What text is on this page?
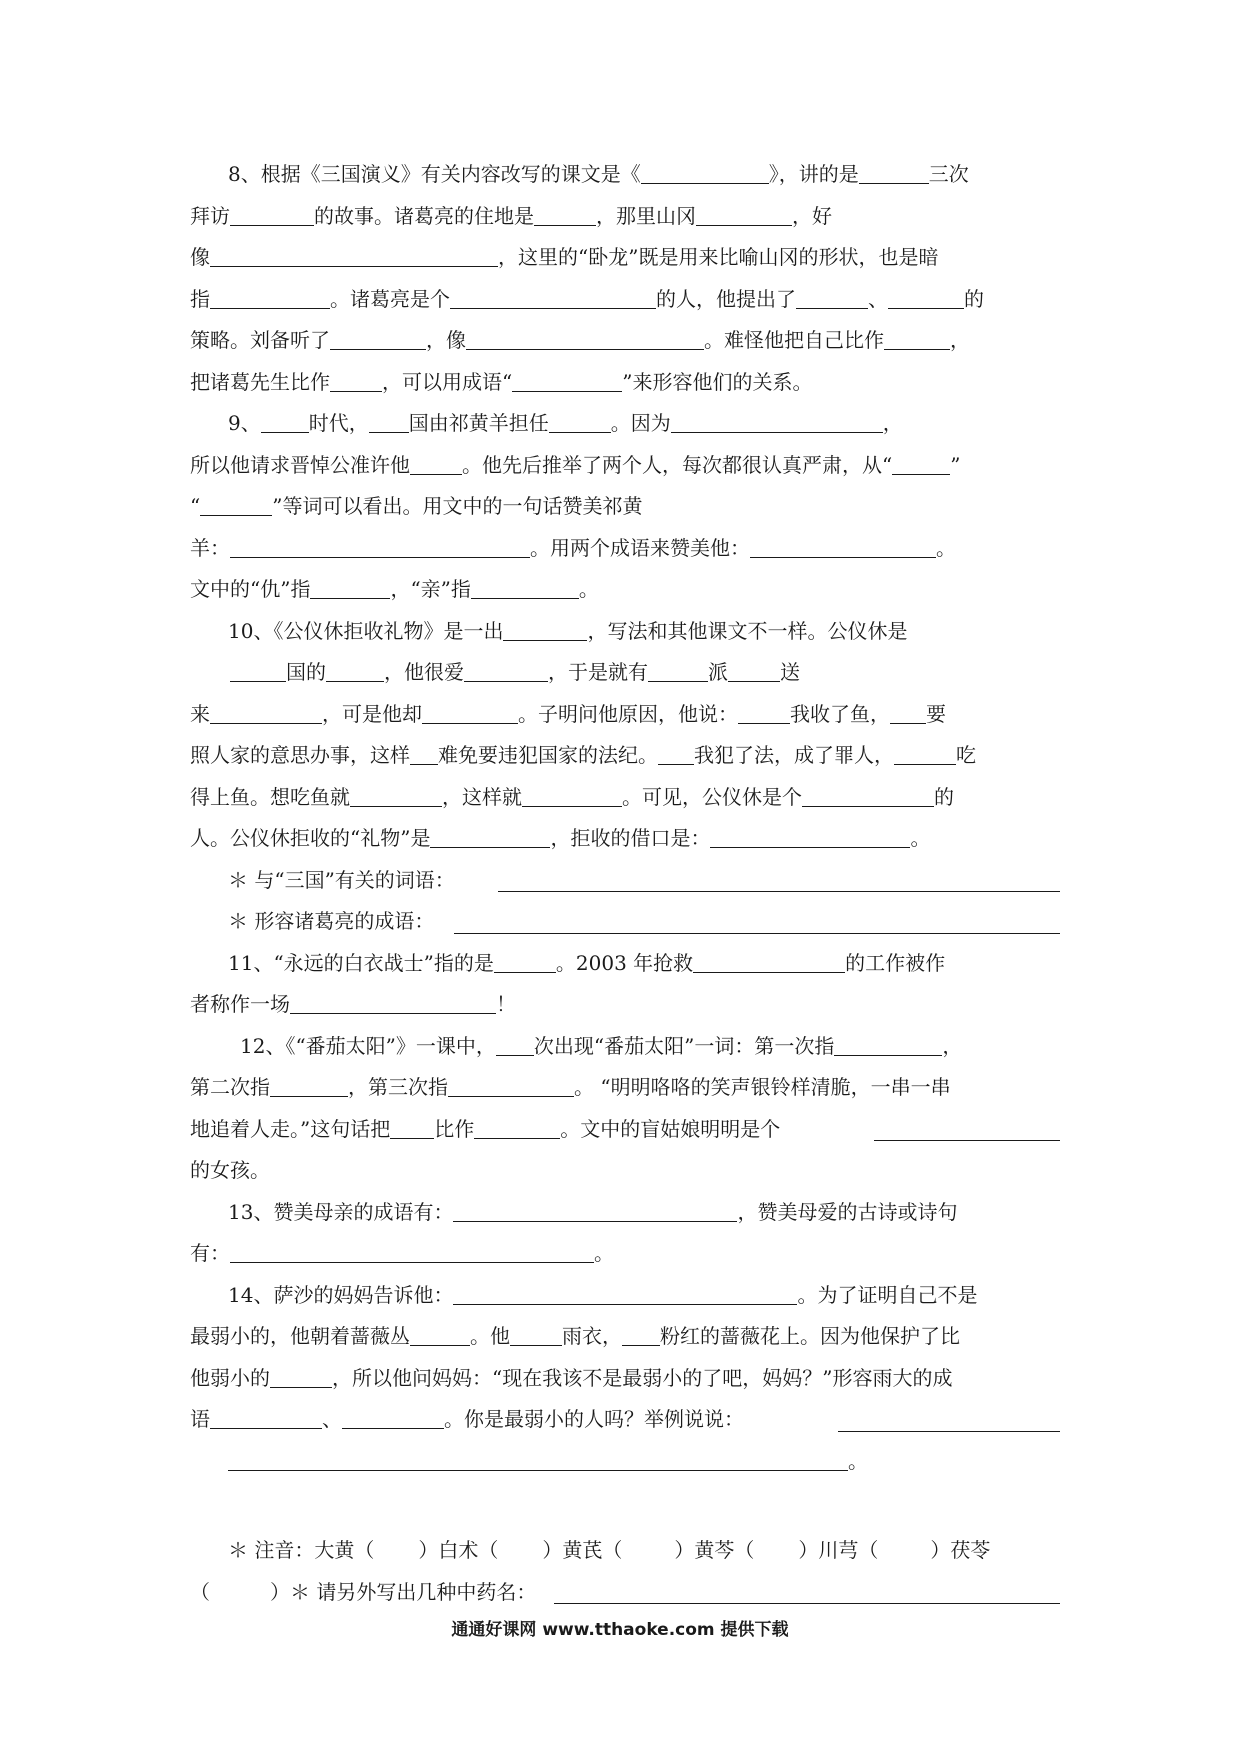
8、根据《三国演义》有关内容改写的课文是《	》，讲的是	三次
拜访	的故事。诸葛亮的住地是	，那里山冈	，好
像	，这里的“卧龙”既是用来比喻山冈的形状，也是暗
指	。诸葛亮是个	的人，他提出了	、	的
策略。刘备听了	，像	。难怪他把自己比作	，
把诸葛先生比作	，可以用成语“	”来形容他们的关系。
9、 时代， 国由祁黄羊担任	。因为	，
所以他请求晋悼公准许他	。他先后推举了两个人，每次都很认真严肃，从“	”
“	”等词可以看出。用文中的一句话赞美祁黄
羊：	。用两个成语来赞美他：	。
文中的“仇”指	，“亲”指	。
10、《公仪休拒收礼物》是一出	，写法和其他课文不一样。公仪休是
国的	，他很爱	，于是就有	派	送
来	，可是他却	。子明问他原因，他说：	我收了鱼， 要
照人家的意思办事，这样 难免要违犯国家的法纪。 我犯了法，成了罪人，	吃
得上鱼。想吃鱼就	，这样就	。可见，公仪休是个	的
人。公仪休拒收的“礼物”是	，拒收的借口是：	。
＊ 与“三国”有关的词语：
＊ 形容诸葛亮的成语：
11、“永远的白衣战士”指的是	。2003 年抢救	的工作被作
者称作一场	！
12、《“番茄太阳”》一课中， 次出现“番茄太阳”一词：第一次指	，
第二次指	，第三次指	。 “明明咯咯的笑声银铃样清脆，一串一串
地追着人走。”这句话把 比作	。文中的盲姑娘明明是个
的女孩。
13、赞美母亲的成语有：	，赞美母爱的古诗或诗句
有：	。
14、萨沙的妈妈告诉他：	。为了证明自己不是
最弱小的，他朝着蔷薇丛	。他	雨衣， 粉红的蔷薇花上。因为他保护了比
他弱小的	，所以他问妈妈：“现在我该不是最弱小的了吧，妈妈？”形容雨大的成
语	、	。你是最弱小的人吗？举例说说：
。
＊ 注音：大黄（ ）白术（ ）黄芪（	）黄芩（ ）川芎（	）茯苓
（	）＊ 请另外写出几种中药名：
通通好课网 www.tthaoke.com 提供下载
